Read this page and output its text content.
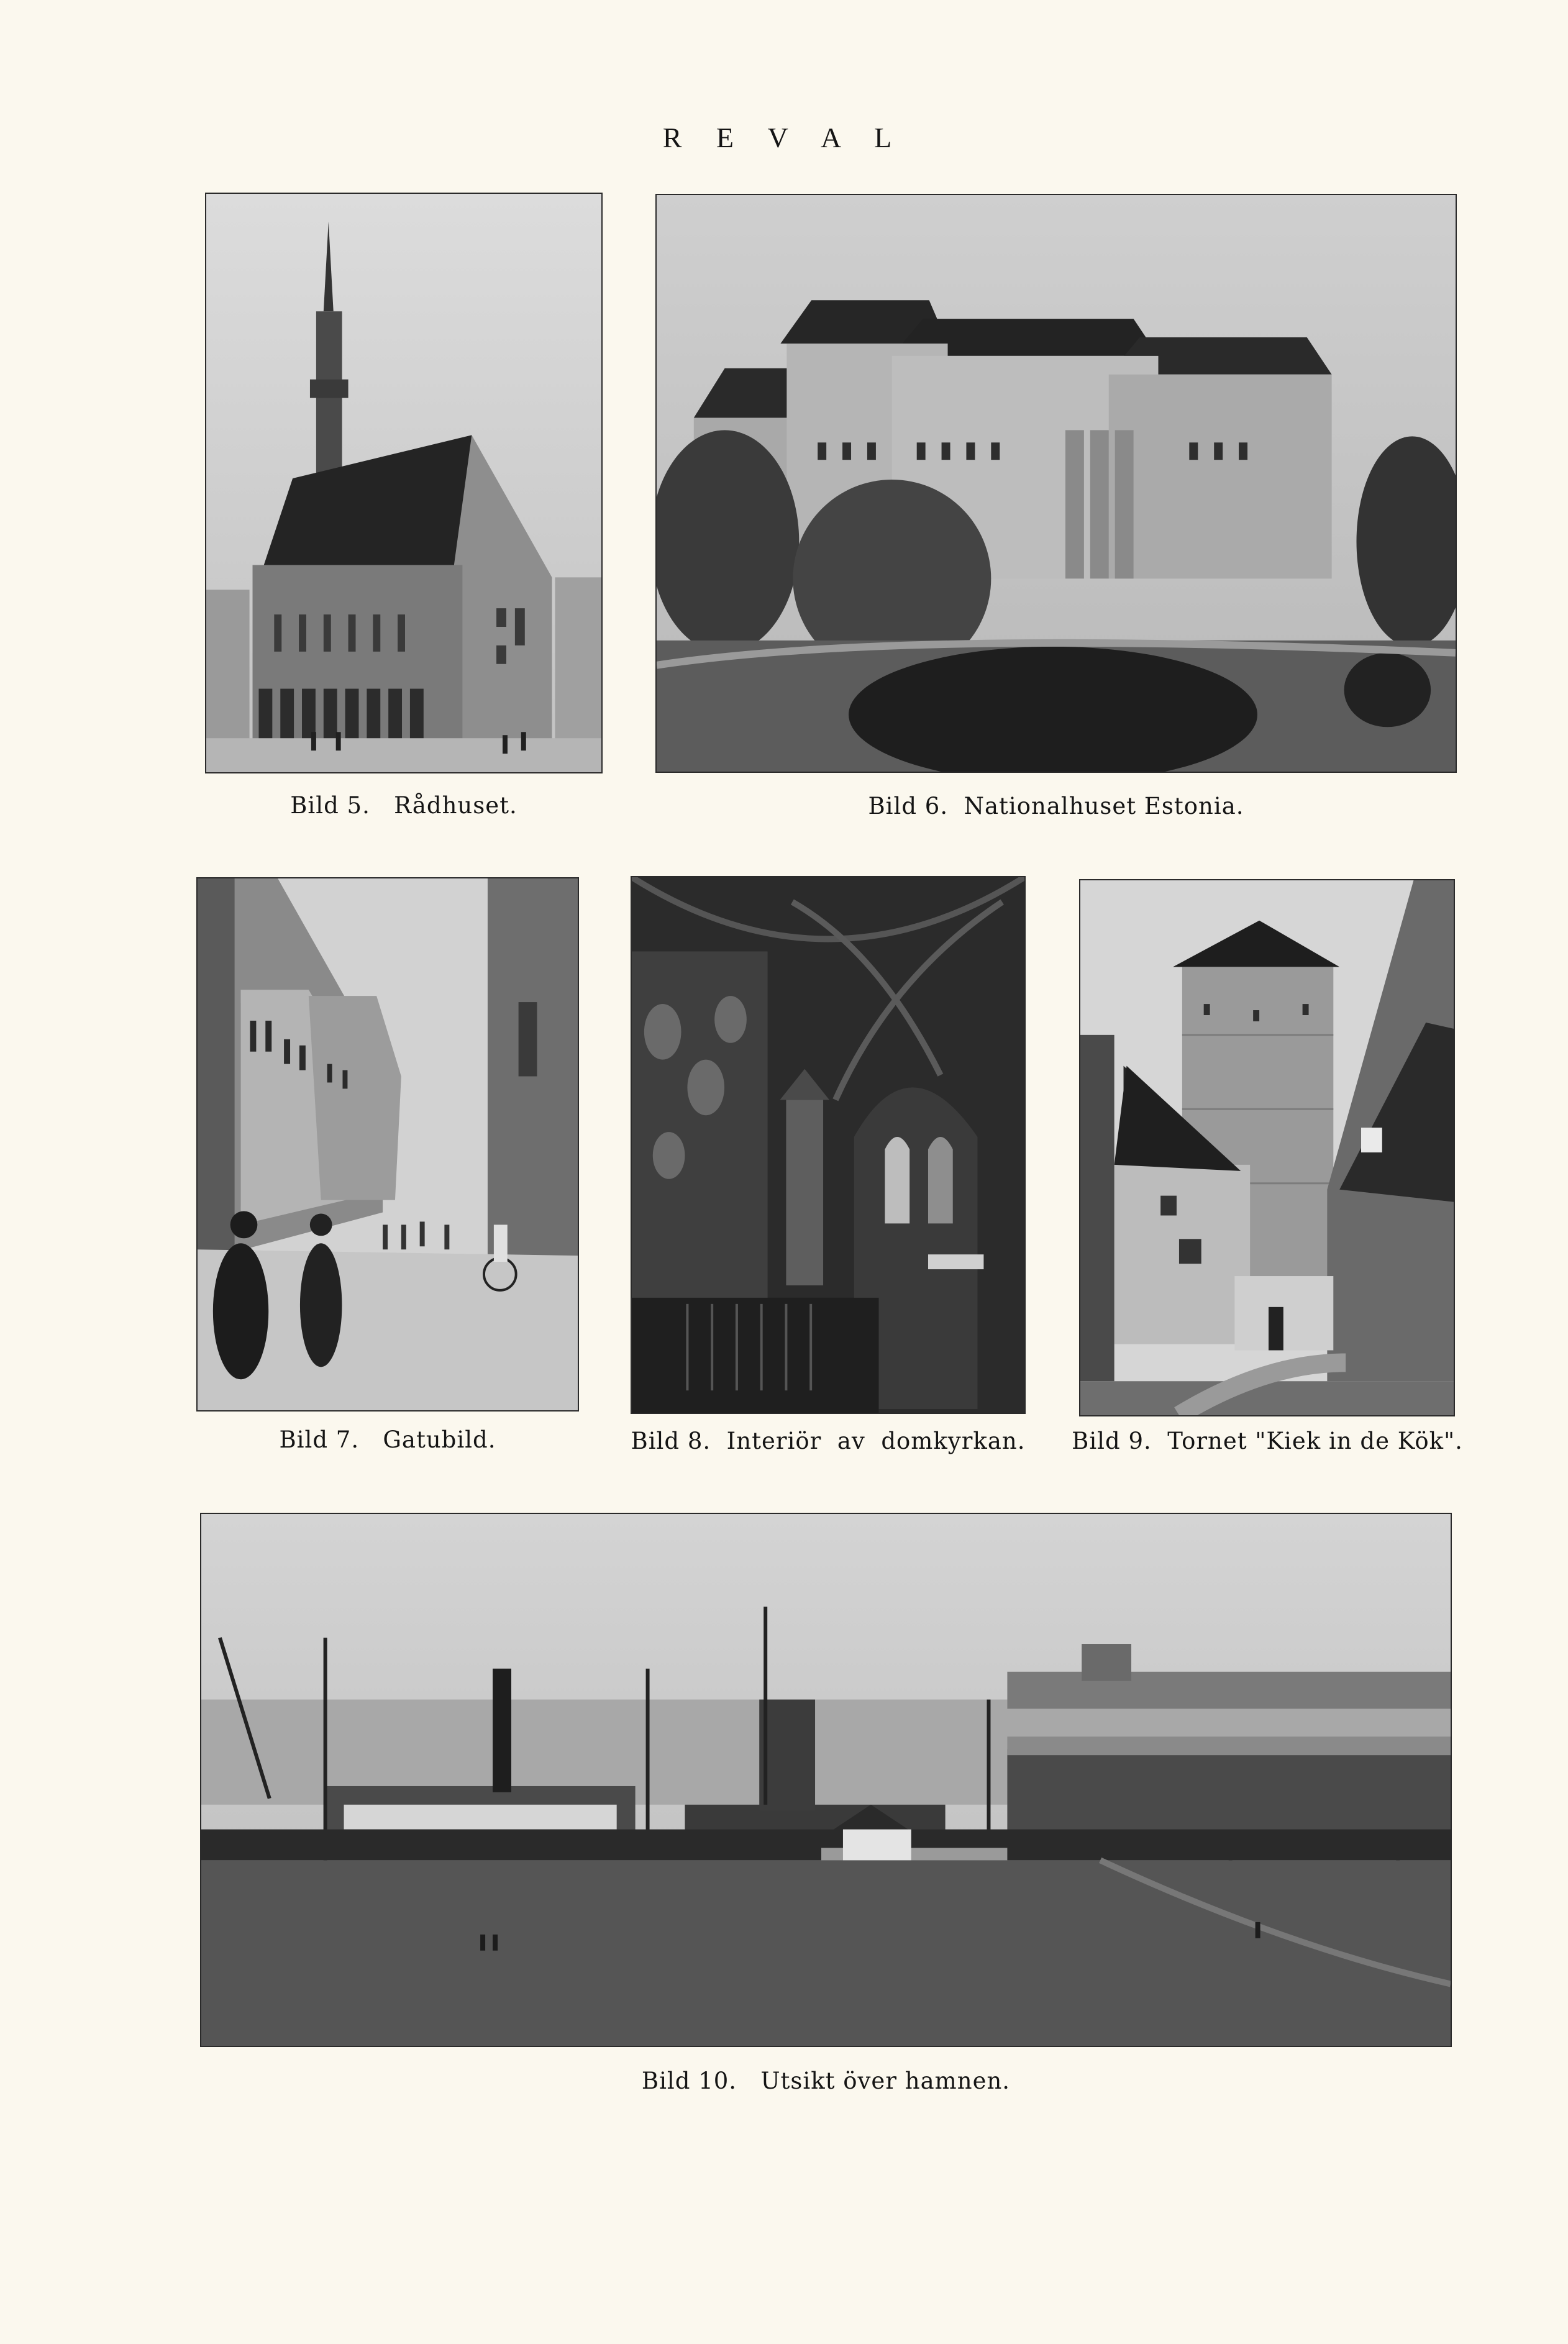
R E V A L
Bild 5.   Rådhuset.	Bild 6.  Nationalhuset Estonia.
Bild 7.   Gatubild.	Bild 8.  Interiör  av  domkyrkan.	Bild 9.  Tornet "Kiek in de Kök".
Bild 10.   Utsikt över hamnen.
